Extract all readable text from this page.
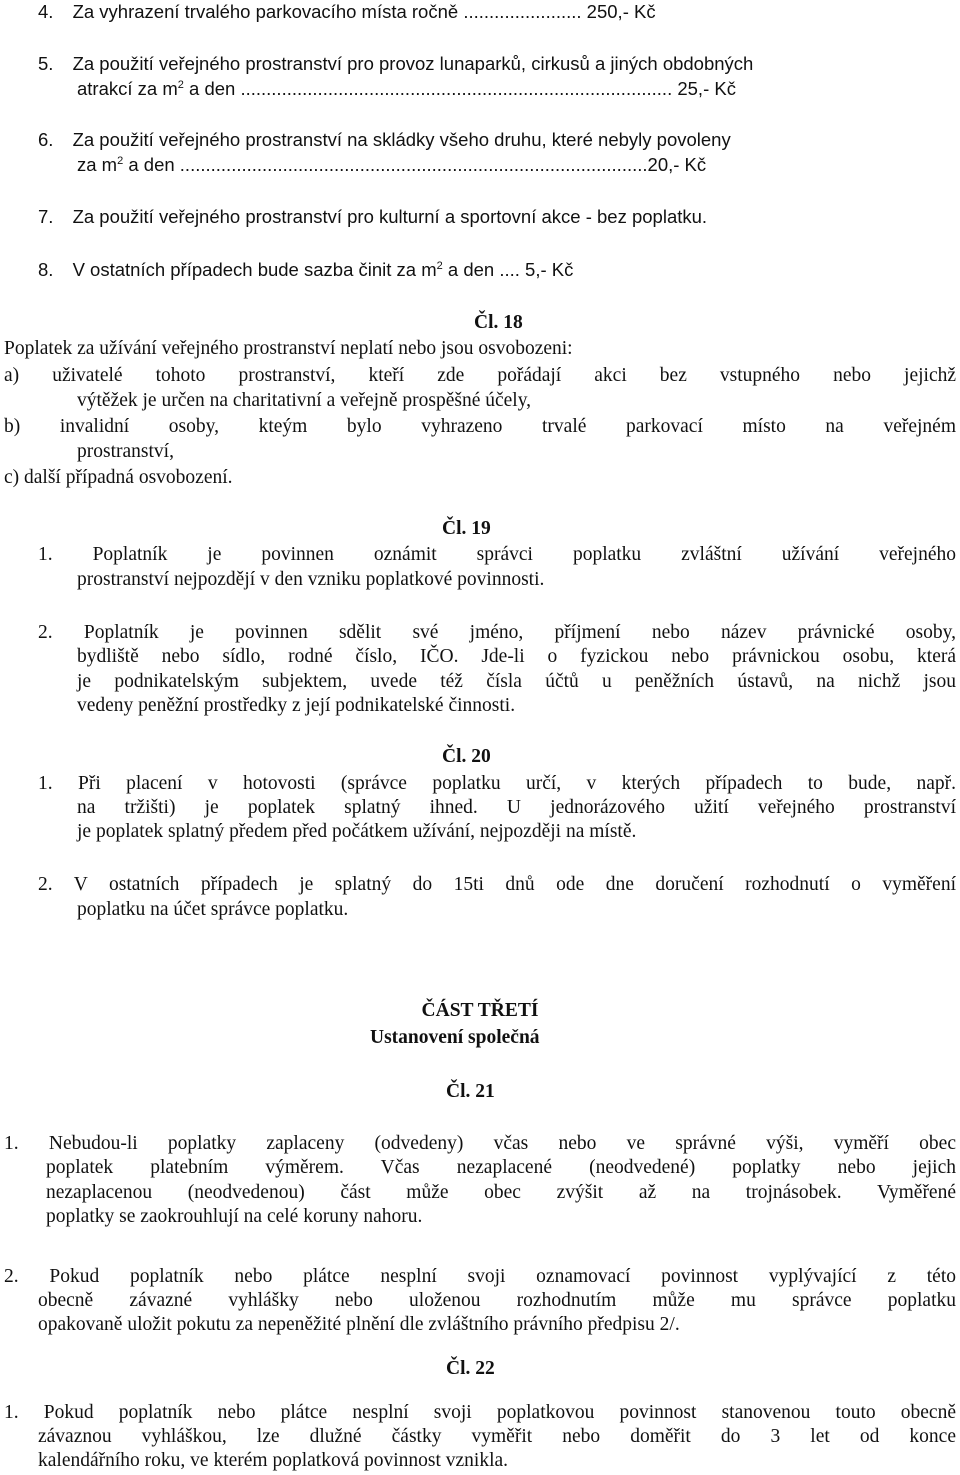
4. Za vyhrazení trvalého parkovacího místa ročně ....................... 250,- Kč
5. Za použití veřejného prostranství pro provoz lunaparků, cirkusů a jiných obdobných
atrakcí za $m^2$ a den .................................................................................... 25,- Kč
6. Za použití veřejného prostranství na skládky všeho druhu, které nebyly povoleny
za $m^2$ a den ...........................................................................................20,- Kč
7. Za použití veřejného prostranství pro kulturní a sportovní akce - bez poplatku.
8. V ostatních případech bude sazba činit za $m^2$ a den .... 5,- Kč
Čl. 18
Poplatek za užívání veřejného prostranství neplatí nebo jsou osvobozeni:
a) uživatelé tohoto prostranství, kteří zde pořádají akci bez vstupného nebo jejichž
výtěžek je určen na charitativní a veřejně prospěšné účely,
b) invalidní osoby, kteým bylo vyhrazeno trvalé parkovací místo na veřejném
prostranství,
c) další případná osvobození.
Čl. 19
1. Poplatník je povinnen oznámit správci poplatku zvláštní užívání veřejného
prostranství nejpozdějí v den vzniku poplatkové povinnosti.
2. Poplatník je povinnen sdělit své jméno, příjmení nebo název právnické osoby,
bydliště nebo sídlo, rodné číslo, IČO. Jde-li o fyzickou nebo právnickou osobu, která
je podnikatelským subjektem, uvede též čísla účtů u peněžních ústavů, na nichž jsou
vedeny peněžní prostředky z její podnikatelské činnosti.
Čl. 20
1. Při placení v hotovosti (správce poplatku určí, v kterých případech to bude, např.
na tržišti) je poplatek splatný ihned. U jednorázového užití veřejného prostranství
je poplatek splatný předem před počátkem užívání, nejpozději na místě.
2. V ostatních případech je splatný do 15ti dnů ode dne doručení rozhodnutí o vyměření
poplatku na účet správce poplatku.
ČÁST TŘETÍ
Ustanovení společná
Čl. 21
1. Nebudou-li poplatky zaplaceny (odvedeny) včas nebo ve správné výši, vyměří obec
poplatek platebním výměrem. Včas nezaplacené (neodvedené) poplatky nebo jejich
nezaplacenou (neodvedenou) část může obec zvýšit až na trojnásobek. Vyměřené
poplatky se zaokrouhlují na celé koruny nahoru.
2. Pokud poplatník nebo plátce nesplní svoji oznamovací povinnost vyplývající z této
obecně závazné vyhlášky nebo uloženou rozhodnutím může mu správce poplatku
opakovaně uložit pokutu za nepeněžité plnění dle zvláštního právního předpisu 2/.
Čl. 22
1. Pokud poplatník nebo plátce nesplní svoji poplatkovou povinnost stanovenou touto obecně
závaznou vyhláškou, lze dlužné částky vyměřit nebo doměřit do 3 let od konce
kalendářního roku, ve kterém poplatková povinnost vznikla.
